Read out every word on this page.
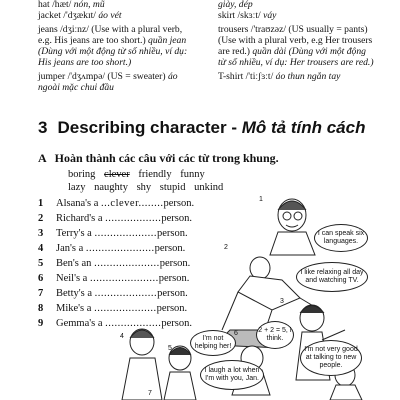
hat /hæt/ nón, mũ
jacket /'dʒækɪt/ áo vét
jeans /dʒiːnz/ (Use with a plural verb,
e.g. His jeans are too short.) quần jean
(Dùng với một động từ số nhiều, ví dụ:
His jeans are too short.)
jumper /'dʒʌmpə/ (US = sweater) áo
ngoài mặc chui đầu
giày, dép
skirt /skɜːt/ váy
trousers /'traʊzəz/ (US usually = pants)
(Use with a plural verb, e.g Her trousers
are red.) quần dài (Dùng với một động
từ số nhiều, ví dụ: Her trousers are red.)
T-shirt /'tiːʃɜːt/ áo thun ngắn tay
3 Describing character - Mô tả tính cách
A Hoàn thành các câu với các từ trong khung.
boring clever friendly funny
lazy naughty shy stupid unkind
1 Alsana's a ...clever........person.
2 Richard's a ..................person.
3 Terry's a ....................person.
4 Jan's a ......................person.
5 Ben's an .....................person.
6 Neil's a ......................person.
7 Betty's a ....................person.
8 Mike's a ....................person.
9 Gemma's a ..................person.
1
2
3
4
5
6
7
I can speak six languages.
I like relaxing all day and watching TV.
2 + 2 = 5, I think.
I'm not helping her!
I laugh a lot when I'm with you, Jan.
I'm not very good at talking to new people.
